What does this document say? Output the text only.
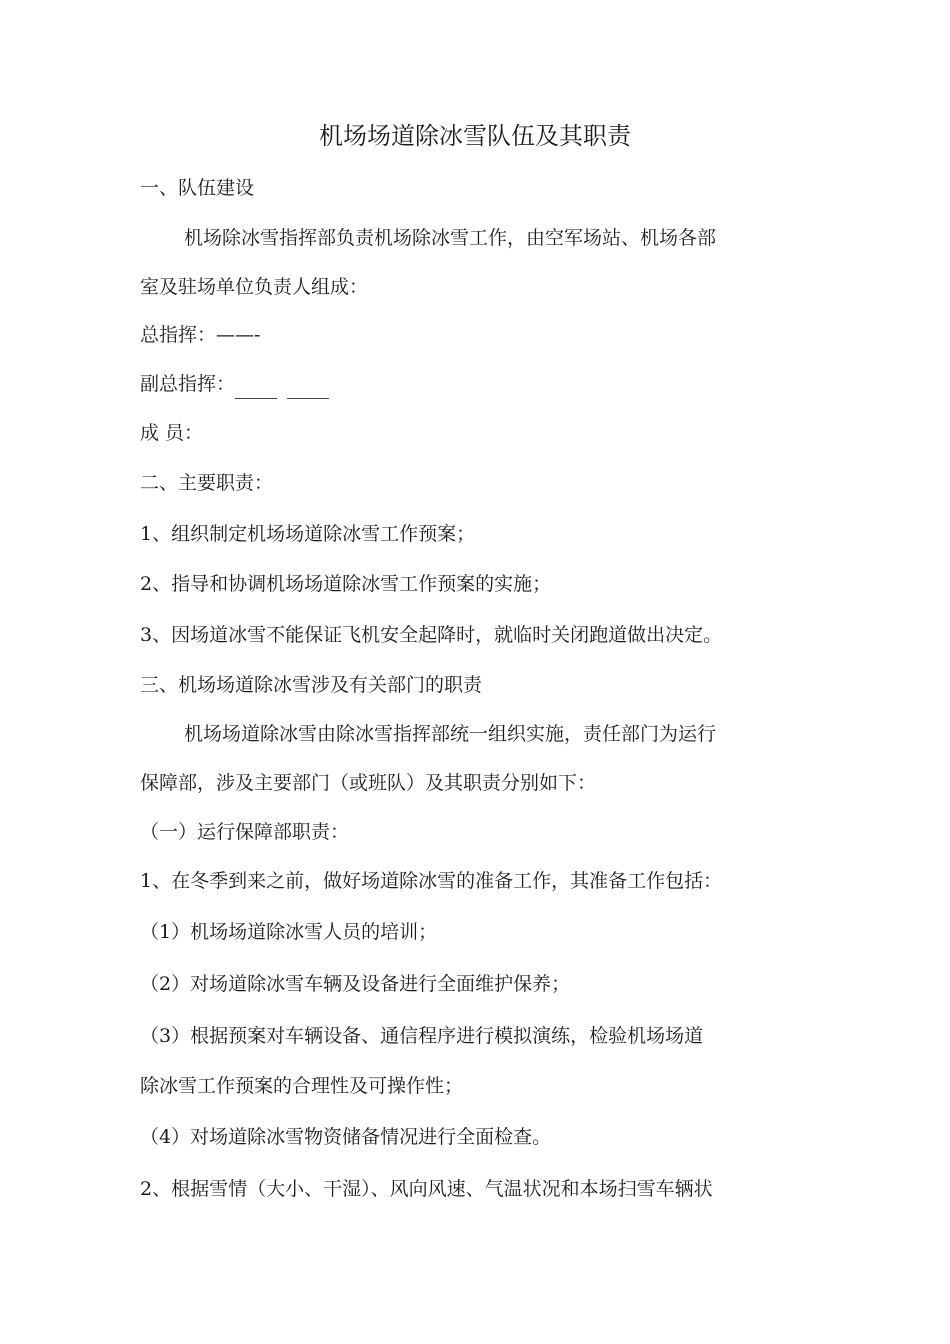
机场场道除冰雪队伍及其职责
一、队伍建设
机场除冰雪指挥部负责机场除冰雪工作，由空军场站、机场各部
室及驻场单位负责人组成：
总指挥：——-
副总指挥：
成 员：
二、主要职责：
1、组织制定机场场道除冰雪工作预案；
2、指导和协调机场场道除冰雪工作预案的实施；
3、因场道冰雪不能保证飞机安全起降时，就临时关闭跑道做出决定。
三、机场场道除冰雪涉及有关部门的职责
机场场道除冰雪由除冰雪指挥部统一组织实施，责任部门为运行
保障部，涉及主要部门（或班队）及其职责分别如下：
（一）运行保障部职责：
1、在冬季到来之前，做好场道除冰雪的准备工作，其准备工作包括：
（1）机场场道除冰雪人员的培训；
（2）对场道除冰雪车辆及设备进行全面维护保养；
（3）根据预案对车辆设备、通信程序进行模拟演练，检验机场场道
除冰雪工作预案的合理性及可操作性；
（4）对场道除冰雪物资储备情况进行全面检查。
2、根据雪情（大小、干湿）、风向风速、气温状况和本场扫雪车辆状
